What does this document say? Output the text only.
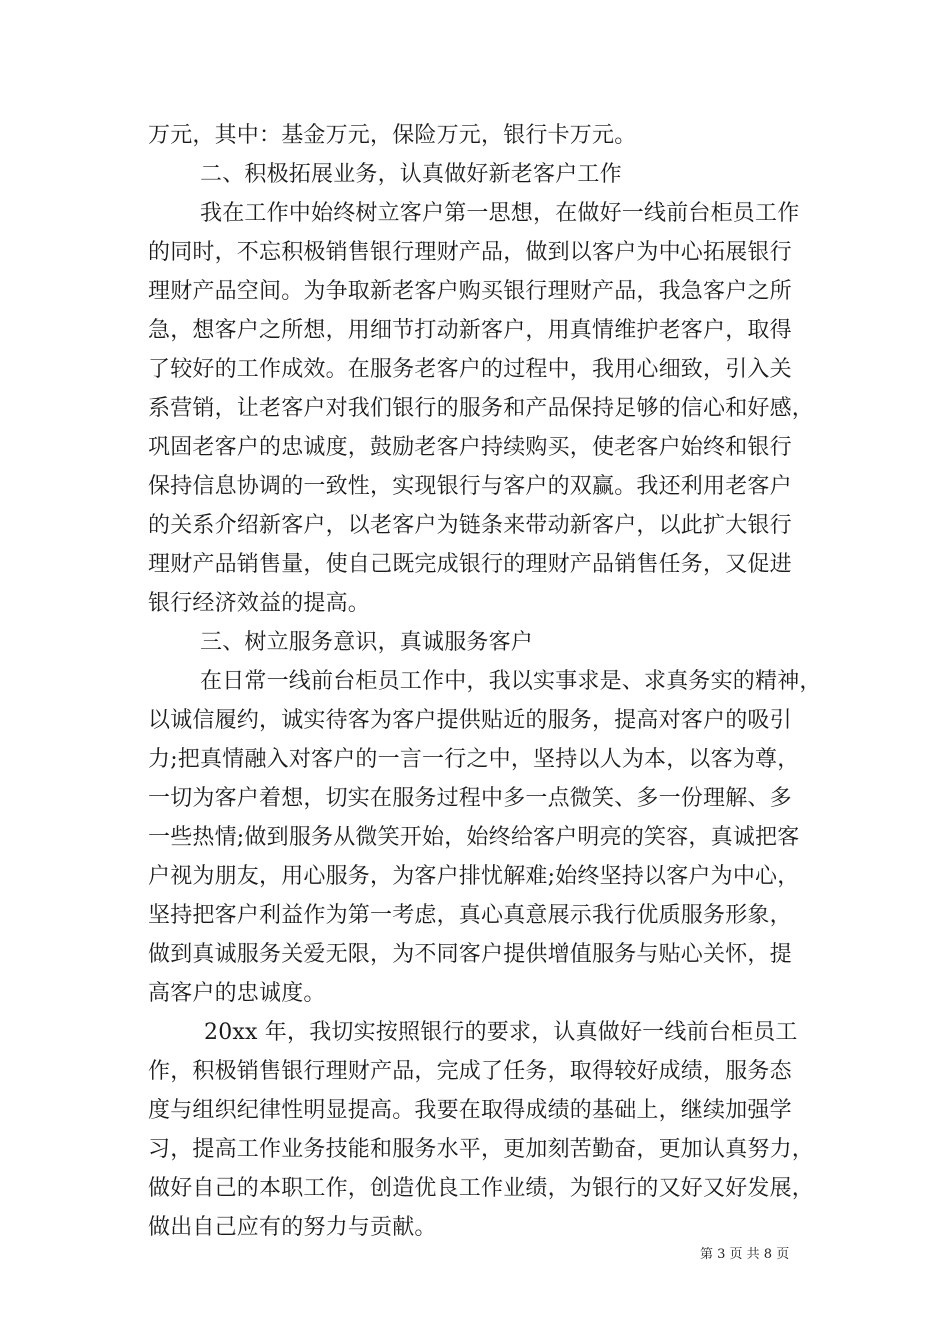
万元，其中：基金万元，保险万元，银行卡万元。
二、积极拓展业务，认真做好新老客户工作
我在工作中始终树立客户第一思想，在做好一线前台柜员工作
的同时，不忘积极销售银行理财产品，做到以客户为中心拓展银行
理财产品空间。为争取新老客户购买银行理财产品，我急客户之所
急，想客户之所想，用细节打动新客户，用真情维护老客户，取得
了较好的工作成效。在服务老客户的过程中，我用心细致，引入关
系营销，让老客户对我们银行的服务和产品保持足够的信心和好感，
巩固老客户的忠诚度，鼓励老客户持续购买，使老客户始终和银行
保持信息协调的一致性，实现银行与客户的双赢。我还利用老客户
的关系介绍新客户，以老客户为链条来带动新客户，以此扩大银行
理财产品销售量，使自己既完成银行的理财产品销售任务，又促进
银行经济效益的提高。
三、树立服务意识，真诚服务客户
在日常一线前台柜员工作中，我以实事求是、求真务实的精神，
以诚信履约，诚实待客为客户提供贴近的服务，提高对客户的吸引
力;把真情融入对客户的一言一行之中，坚持以人为本，以客为尊，
一切为客户着想，切实在服务过程中多一点微笑、多一份理解、多
一些热情;做到服务从微笑开始，始终给客户明亮的笑容，真诚把客
户视为朋友，用心服务，为客户排忧解难;始终坚持以客户为中心，
坚持把客户利益作为第一考虑，真心真意展示我行优质服务形象，
做到真诚服务关爱无限，为不同客户提供增值服务与贴心关怀，提
高客户的忠诚度。
20xx 年，我切实按照银行的要求，认真做好一线前台柜员工
作，积极销售银行理财产品，完成了任务，取得较好成绩，服务态
度与组织纪律性明显提高。我要在取得成绩的基础上，继续加强学
习，提高工作业务技能和服务水平，更加刻苦勤奋，更加认真努力，
做好自己的本职工作，创造优良工作业绩，为银行的又好又好发展，
做出自己应有的努力与贡献。
第 3 页 共 8 页
